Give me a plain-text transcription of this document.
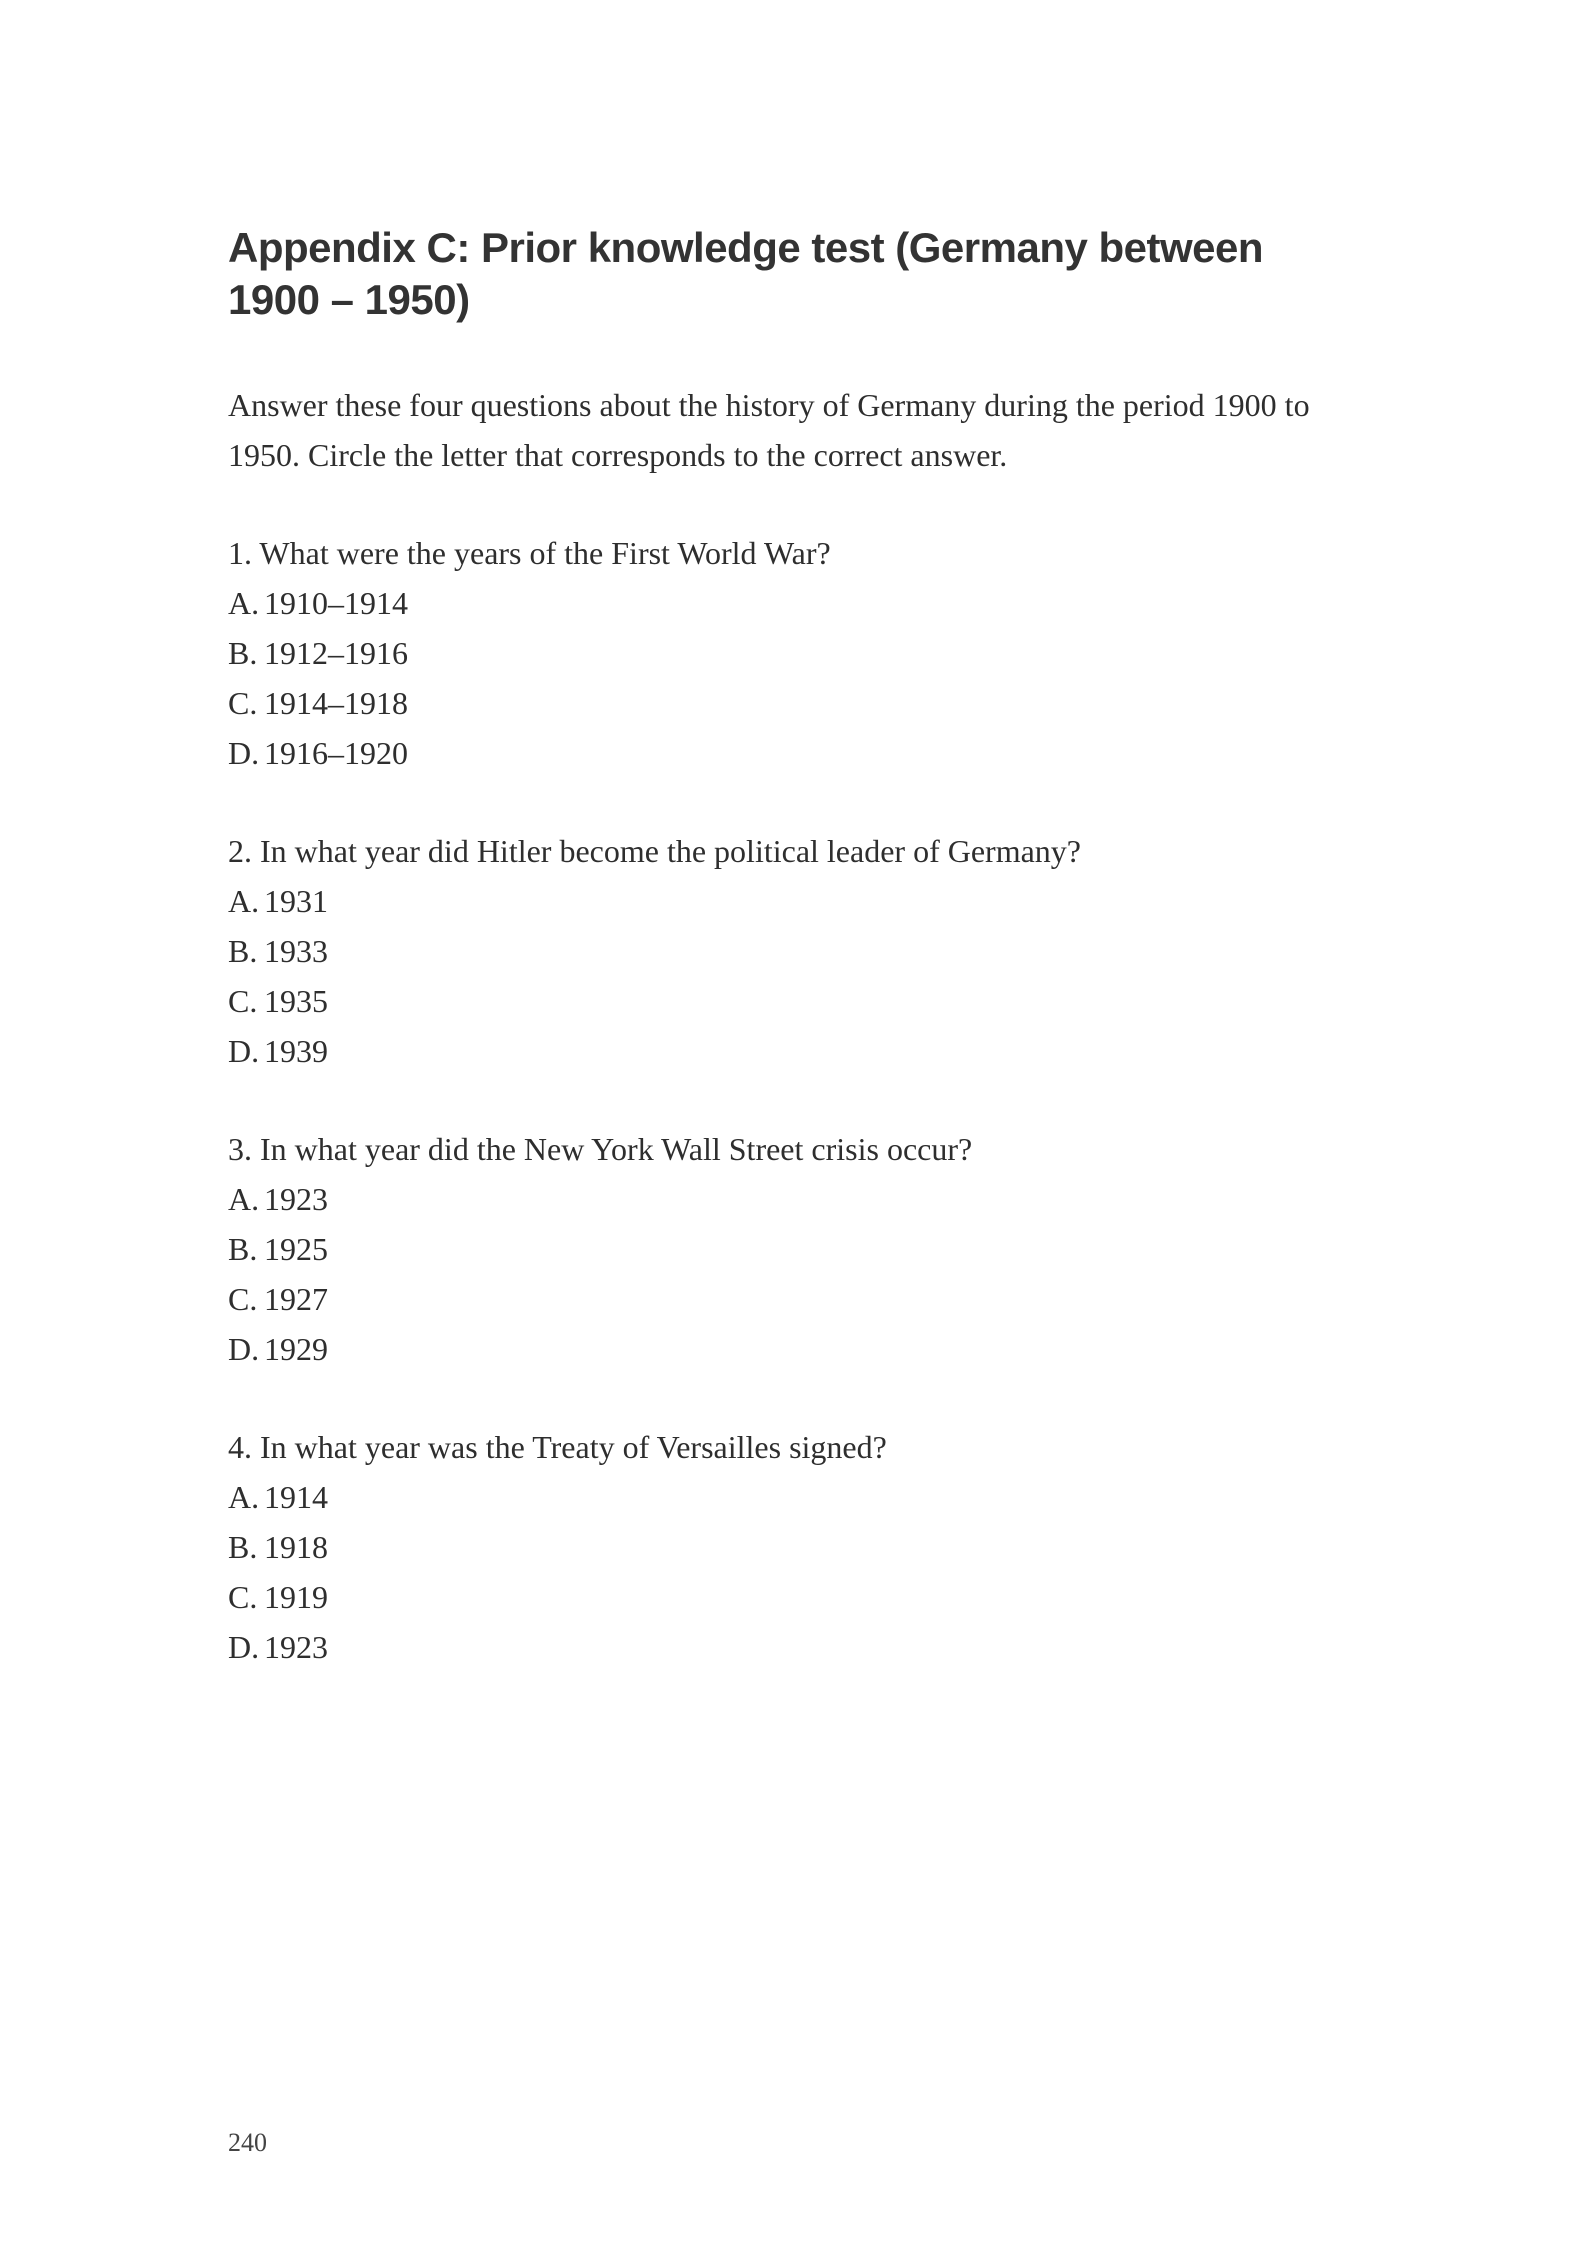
Appendix C: Prior knowledge test (Germany between 1900 – 1950)

Answer these four questions about the history of Germany during the period 1900 to 1950. Circle the letter that corresponds to the correct answer.

1. What were the years of the First World War?

A. 1910–1914
B. 1912–1916
C. 1914–1918
D. 1916–1920

2. In what year did Hitler become the political leader of Germany?

A. 1931
B. 1933
C. 1935
D. 1939

3. In what year did the New York Wall Street crisis occur?

A. 1923
B. 1925
C. 1927
D. 1929

4. In what year was the Treaty of Versailles signed?

A. 1914
B. 1918
C. 1919
D. 1923
240
